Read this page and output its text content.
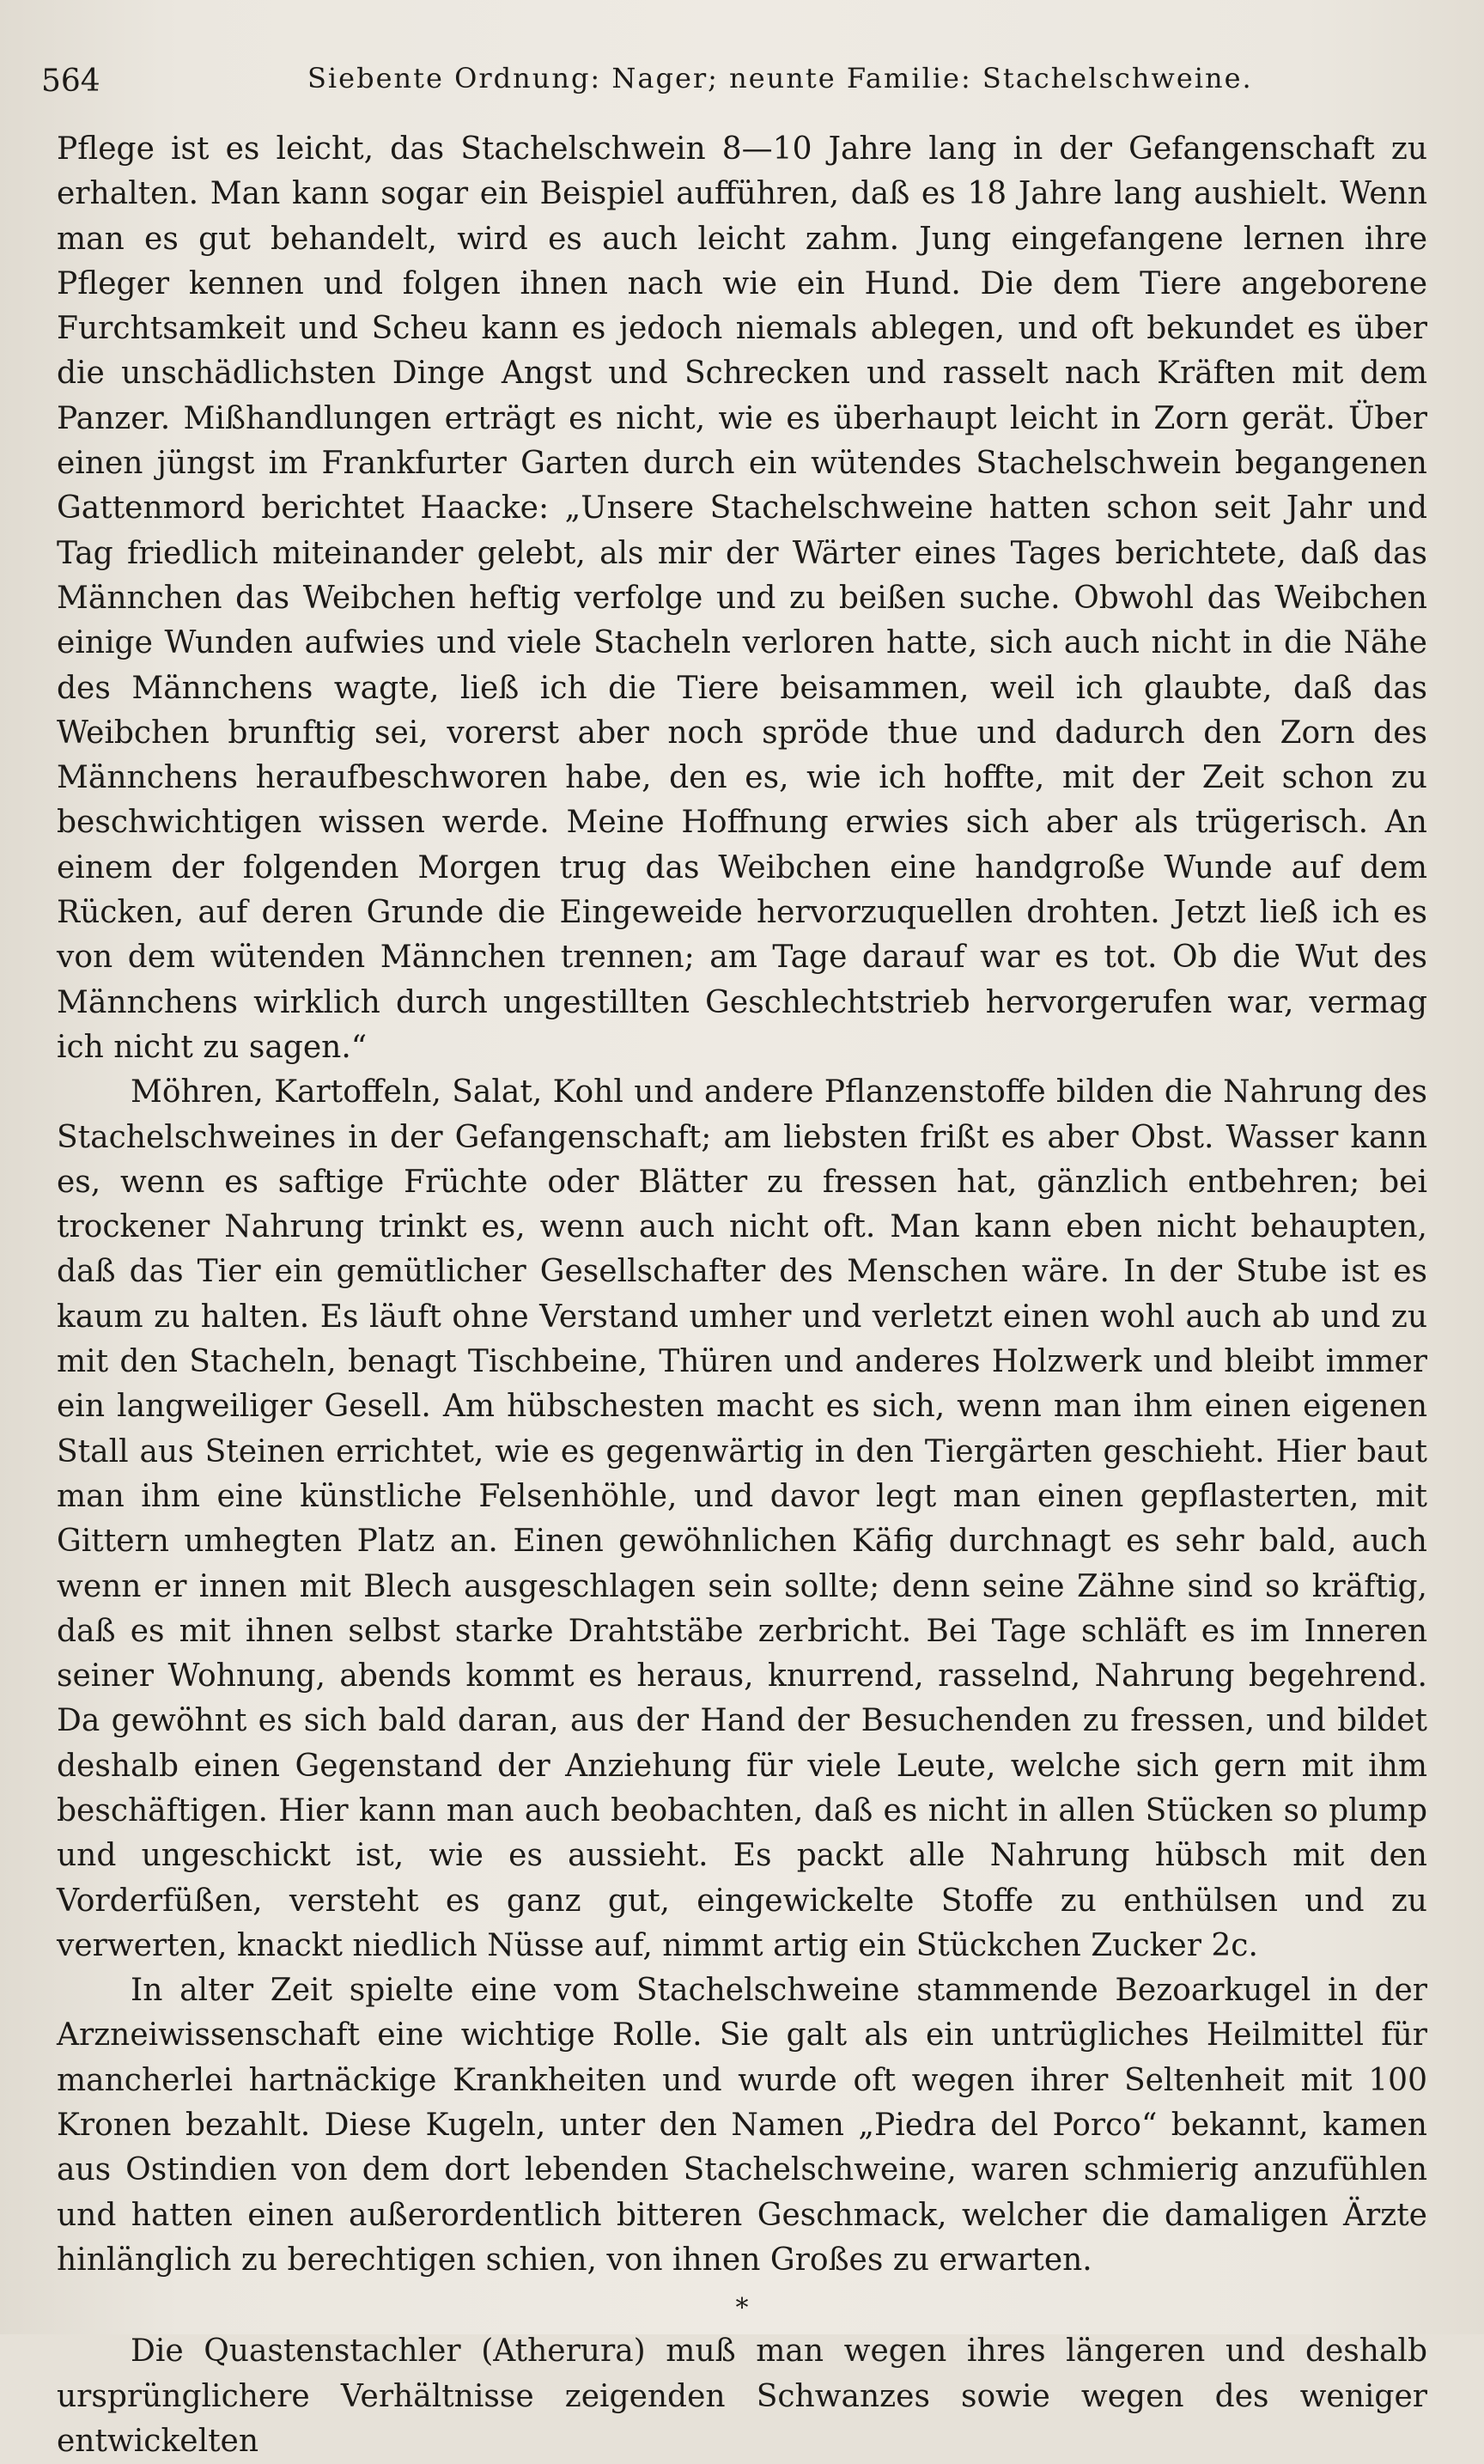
564	Siebente Ordnung: Nager; neunte Familie: Stachelschweine.

Pflege ist es leicht, das Stachelschwein 8—10 Jahre lang in der Gefangenschaft zu erhalten. Man kann sogar ein Beispiel aufführen, daß es 18 Jahre lang aushielt. Wenn man es gut behandelt, wird es auch leicht zahm. Jung eingefangene lernen ihre Pfleger kennen und folgen ihnen nach wie ein Hund. Die dem Tiere angeborene Furchtsamkeit und Scheu kann es jedoch niemals ablegen, und oft bekundet es über die unschädlichsten Dinge Angst und Schrecken und rasselt nach Kräften mit dem Panzer. Mißhandlungen erträgt es nicht, wie es überhaupt leicht in Zorn gerät. Über einen jüngst im Frankfurter Garten durch ein wütendes Stachelschwein begangenen Gattenmord berichtet Haacke: „Unsere Stachelschweine hatten schon seit Jahr und Tag friedlich miteinander gelebt, als mir der Wärter eines Tages berichtete, daß das Männchen das Weibchen heftig verfolge und zu beißen suche. Obwohl das Weibchen einige Wunden aufwies und viele Stacheln verloren hatte, sich auch nicht in die Nähe des Männchens wagte, ließ ich die Tiere beisammen, weil ich glaubte, daß das Weibchen brunftig sei, vorerst aber noch spröde thue und dadurch den Zorn des Männchens heraufbeschworen habe, den es, wie ich hoffte, mit der Zeit schon zu beschwichtigen wissen werde. Meine Hoffnung erwies sich aber als trügerisch. An einem der folgenden Morgen trug das Weibchen eine handgroße Wunde auf dem Rücken, auf deren Grunde die Eingeweide hervorzuquellen drohten. Jetzt ließ ich es von dem wütenden Männchen trennen; am Tage darauf war es tot. Ob die Wut des Männchens wirklich durch ungestillten Geschlechtstrieb hervorgerufen war, vermag ich nicht zu sagen.“

Möhren, Kartoffeln, Salat, Kohl und andere Pflanzenstoffe bilden die Nahrung des Stachelschweines in der Gefangenschaft; am liebsten frißt es aber Obst. Wasser kann es, wenn es saftige Früchte oder Blätter zu fressen hat, gänzlich entbehren; bei trockener Nahrung trinkt es, wenn auch nicht oft. Man kann eben nicht behaupten, daß das Tier ein gemütlicher Gesellschafter des Menschen wäre. In der Stube ist es kaum zu halten. Es läuft ohne Verstand umher und verletzt einen wohl auch ab und zu mit den Stacheln, benagt Tischbeine, Thüren und anderes Holzwerk und bleibt immer ein langweiliger Gesell. Am hübschesten macht es sich, wenn man ihm einen eigenen Stall aus Steinen errichtet, wie es gegenwärtig in den Tiergärten geschieht. Hier baut man ihm eine künstliche Felsenhöhle, und davor legt man einen gepflasterten, mit Gittern umhegten Platz an. Einen gewöhnlichen Käfig durchnagt es sehr bald, auch wenn er innen mit Blech ausgeschlagen sein sollte; denn seine Zähne sind so kräftig, daß es mit ihnen selbst starke Drahtstäbe zerbricht. Bei Tage schläft es im Inneren seiner Wohnung, abends kommt es heraus, knurrend, rasselnd, Nahrung begehrend. Da gewöhnt es sich bald daran, aus der Hand der Besuchenden zu fressen, und bildet deshalb einen Gegenstand der Anziehung für viele Leute, welche sich gern mit ihm beschäftigen. Hier kann man auch beobachten, daß es nicht in allen Stücken so plump und ungeschickt ist, wie es aussieht. Es packt alle Nahrung hübsch mit den Vorderfüßen, versteht es ganz gut, eingewickelte Stoffe zu enthülsen und zu verwerten, knackt niedlich Nüsse auf, nimmt artig ein Stückchen Zucker 2c.

In alter Zeit spielte eine vom Stachelschweine stammende Bezoarkugel in der Arzneiwissenschaft eine wichtige Rolle. Sie galt als ein untrügliches Heilmittel für mancherlei hartnäckige Krankheiten und wurde oft wegen ihrer Seltenheit mit 100 Kronen bezahlt. Diese Kugeln, unter den Namen „Piedra del Porco“ bekannt, kamen aus Ostindien von dem dort lebenden Stachelschweine, waren schmierig anzufühlen und hatten einen außerordentlich bitteren Geschmack, welcher die damaligen Ärzte hinlänglich zu berechtigen schien, von ihnen Großes zu erwarten.

*

Die Quastenstachler (Atherura) muß man wegen ihres längeren und deshalb ursprünglichere Verhältnisse zeigenden Schwanzes sowie wegen des weniger entwickelten
